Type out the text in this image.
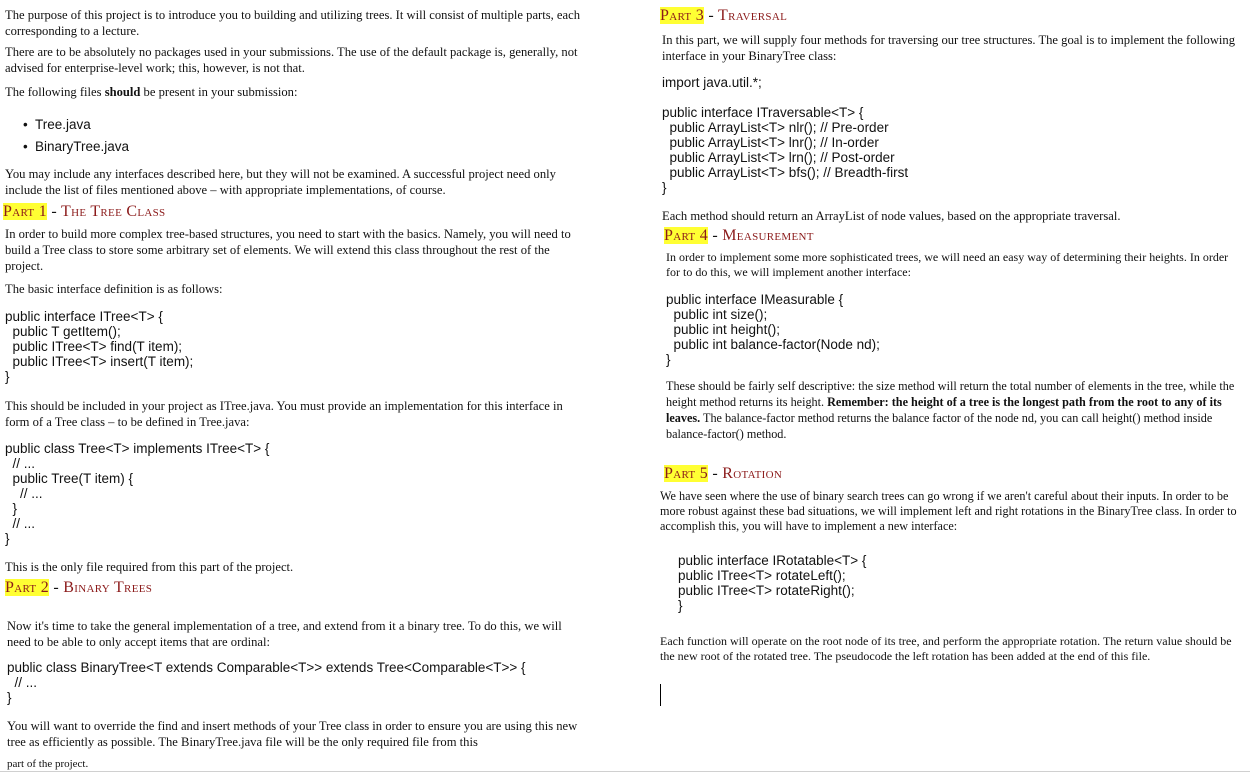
The purpose of this project is to introduce you to building and utilizing trees. It will consist of multiple parts, each corresponding to a lecture.
There are to be absolutely no packages used in your submissions. The use of the default package is, generally, not advised for enterprise-level work; this, however, is not that.
The following files should be present in your submission:
• Tree.java
• BinaryTree.java
You may include any interfaces described here, but they will not be examined. A successful project need only include the list of files mentioned above – with appropriate implementations, of course.
Part 1 - The Tree Class
In order to build more complex tree-based structures, you need to start with the basics. Namely, you will need to build a Tree class to store some arbitrary set of elements. We will extend this class throughout the rest of the project.
The basic interface definition is as follows:
public interface ITree<T> {
public T getItem();
public ITree<T> find(T item);
public ITree<T> insert(T item);
}
This should be included in your project as ITree.java. You must provide an implementation for this interface in form of a Tree class – to be defined in Tree.java:
public class Tree<T> implements ITree<T> {
// ...
public Tree(T item) {
// ...
}
// ...
}
This is the only file required from this part of the project.
Part 2 - Binary Trees
Now it's time to take the general implementation of a tree, and extend from it a binary tree. To do this, we will need to be able to only accept items that are ordinal:
public class BinaryTree<T extends Comparable<T>> extends Tree<Comparable<T>> {
// ...
}
You will want to override the find and insert methods of your Tree class in order to ensure you are using this new tree as efficiently as possible. The BinaryTree.java file will be the only required file from this
part of the project.
Part 3 - Traversal
In this part, we will supply four methods for traversing our tree structures. The goal is to implement the following interface in your BinaryTree class:
import java.util.*;
public interface ITraversable<T> {
public ArrayList<T> nlr(); // Pre-order
public ArrayList<T> lnr(); // In-order
public ArrayList<T> lrn(); // Post-order
public ArrayList<T> bfs(); // Breadth-first
}
Each method should return an ArrayList of node values, based on the appropriate traversal.
Part 4 - Measurement
In order to implement some more sophisticated trees, we will need an easy way of determining their heights. In order for to do this, we will implement another interface:
public interface IMeasurable {
public int size();
public int height();
public int balance-factor(Node nd);
}
These should be fairly self descriptive: the size method will return the total number of elements in the tree, while the height method returns its height. Remember: the height of a tree is the longest path from the root to any of its leaves. The balance-factor method returns the balance factor of the node nd, you can call height() method inside balance-factor() method.
Part 5 - Rotation
We have seen where the use of binary search trees can go wrong if we aren't careful about their inputs. In order to be more robust against these bad situations, we will implement left and right rotations in the BinaryTree class. In order to accomplish this, you will have to implement a new interface:
public interface IRotatable<T> {
public ITree<T> rotateLeft();
public ITree<T> rotateRight();
}
Each function will operate on the root node of its tree, and perform the appropriate rotation. The return value should be the new root of the rotated tree. The pseudocode the left rotation has been added at the end of this file.
